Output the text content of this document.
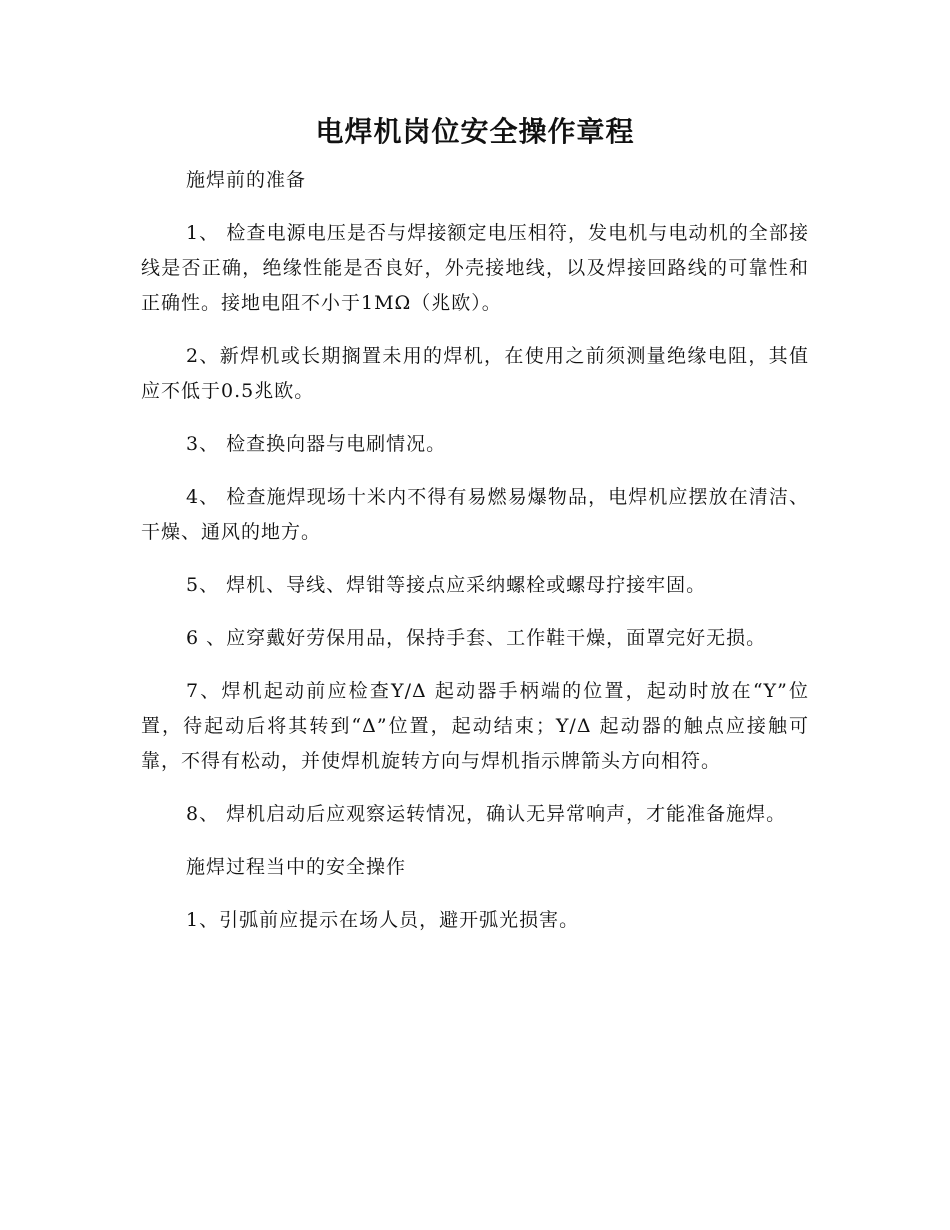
电焊机岗位安全操作章程

施焊前的准备

1、 检查电源电压是否与焊接额定电压相符，发电机与电动机的全部接线是否正确，绝缘性能是否良好，外壳接地线，以及焊接回路线的可靠性和正确性。接地电阻不小于1MΩ（兆欧）。

2、新焊机或长期搁置未用的焊机，在使用之前须测量绝缘电阻，其值应不低于0.5兆欧。

3、 检查换向器与电刷情况。

4、 检查施焊现场十米内不得有易燃易爆物品，电焊机应摆放在清洁、干燥、通风的地方。

5、 焊机、导线、焊钳等接点应采纳螺栓或螺母拧接牢固。

6 、应穿戴好劳保用品，保持手套、工作鞋干燥，面罩完好无损。

7、焊机起动前应检查Y/Δ 起动器手柄端的位置，起动时放在“Y”位置，待起动后将其转到“Δ”位置，起动结束；Y/Δ 起动器的触点应接触可靠，不得有松动，并使焊机旋转方向与焊机指示牌箭头方向相符。

8、 焊机启动后应观察运转情况，确认无异常响声，才能准备施焊。

施焊过程当中的安全操作

1、引弧前应提示在场人员，避开弧光损害。
